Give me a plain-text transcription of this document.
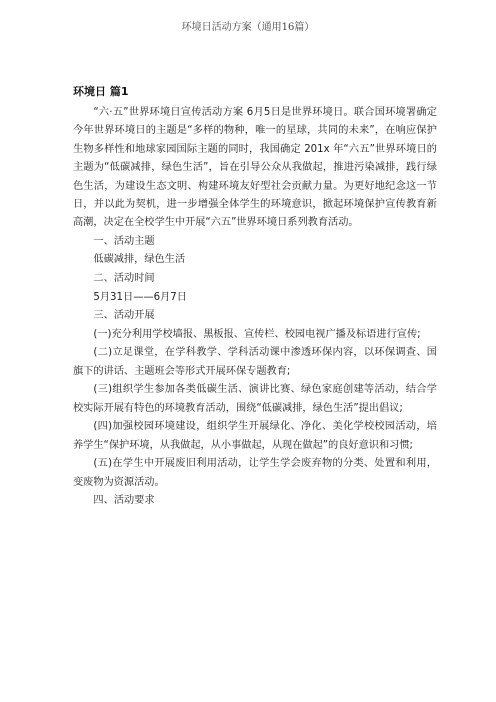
环境日活动方案（通用16篇）
环境日 篇1

“六·五”世界环境日宣传活动方案 6月5日是世界环境日。联合国环境署确定今年世界环境日的主题是“多样的物种，唯一的星球，共同的未来”，在响应保护生物多样性和地球家园国际主题的同时，我国确定 201x 年“六五”世界环境日的主题为“低碳减排，绿色生活”，旨在引导公众从我做起，推进污染减排，践行绿色生活，为建设生态文明、构建环境友好型社会贡献力量。为更好地纪念这一节日，并以此为契机，进一步增强全体学生的环境意识，掀起环境保护宣传教育新高潮，决定在全校学生中开展“六五”世界环境日系列教育活动。

一、活动主题

低碳减排，绿色生活

二、活动时间

5月31日——6月7日

三、活动开展

(一)充分利用学校墙报、黑板报、宣传栏、校园电视广播及标语进行宣传;

(二)立足课堂，在学科教学、学科活动课中渗透环保内容，以环保调查、国旗下的讲话、主题班会等形式开展环保专题教育;

(三)组织学生参加各类低碳生活、演讲比赛、绿色家庭创建等活动，结合学校实际开展有特色的环境教育活动，围绕“低碳减排，绿色生活”提出倡议;

(四)加强校园环境建设，组织学生开展绿化、净化、美化学校校园活动，培养学生“保护环境，从我做起，从小事做起，从现在做起”的良好意识和习惯;

(五)在学生中开展废旧利用活动，让学生学会废弃物的分类、处置和利用，变废物为资源活动。

四、活动要求
